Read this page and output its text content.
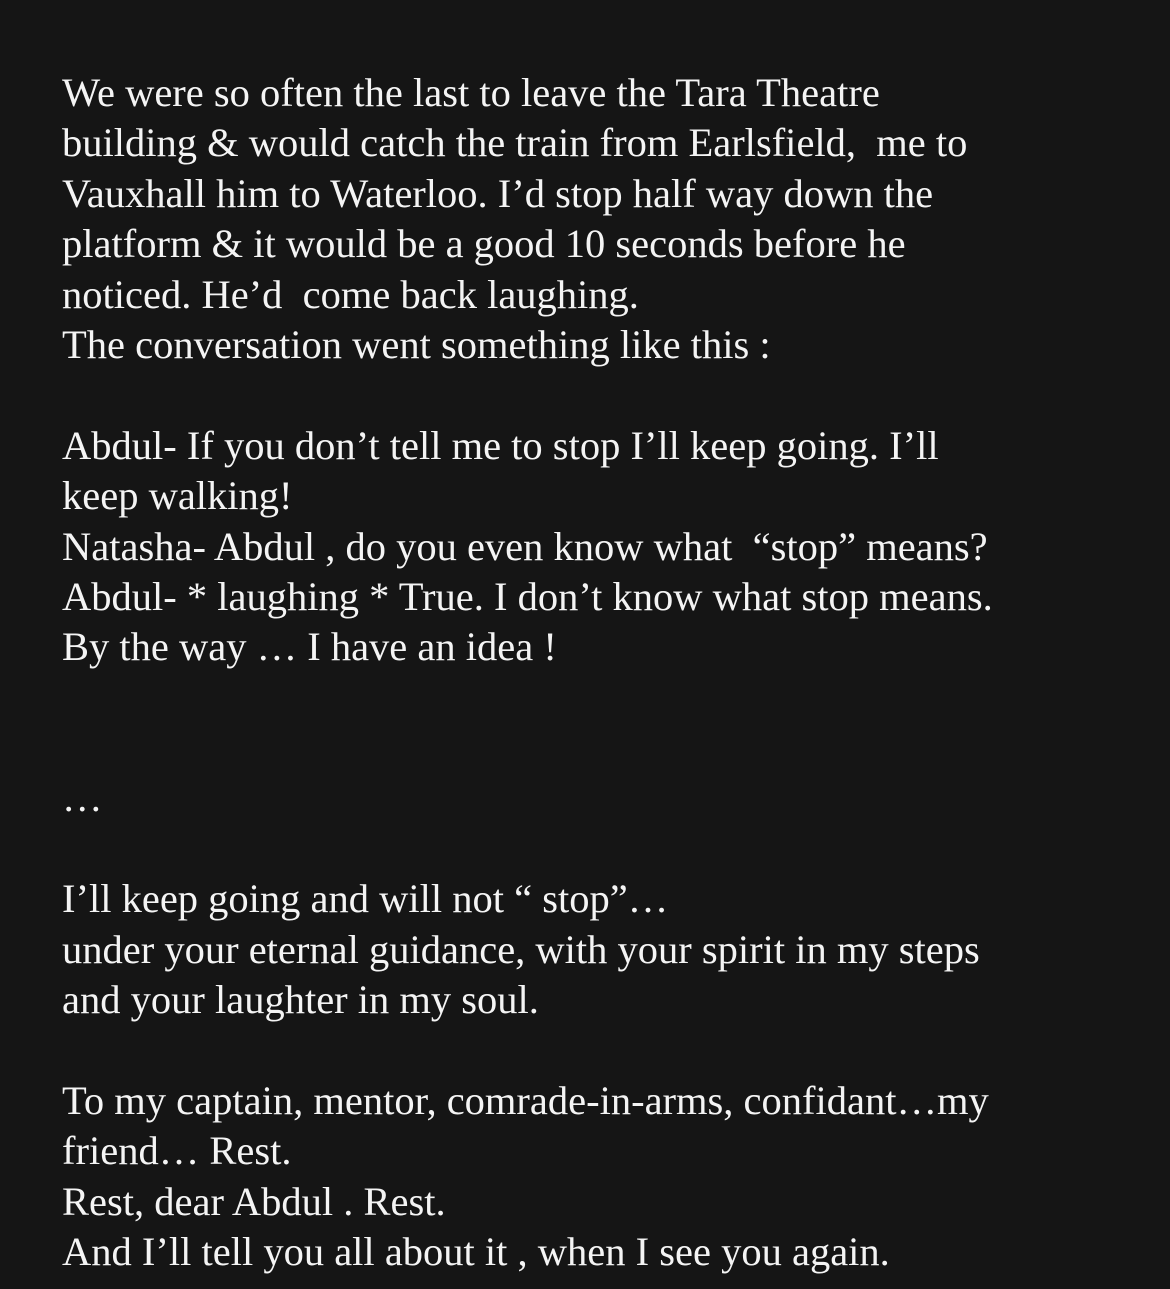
We were so often the last to leave the Tara Theatre
building & would catch the train from Earlsfield,  me to
Vauxhall him to Waterloo. I’d stop half way down the
platform & it would be a good 10 seconds before he
noticed. He’d  come back laughing.
The conversation went something like this :
Abdul- If you don’t tell me to stop I’ll keep going. I’ll
keep walking!
Natasha- Abdul , do you even know what  “stop” means?
Abdul- * laughing * True. I don’t know what stop means.
By the way … I have an idea !
…
I’ll keep going and will not “ stop”…
under your eternal guidance, with your spirit in my steps
and your laughter in my soul.
To my captain, mentor, comrade-in-arms, confidant…my
friend… Rest.
Rest, dear Abdul . Rest.
And I’ll tell you all about it , when I see you again.
